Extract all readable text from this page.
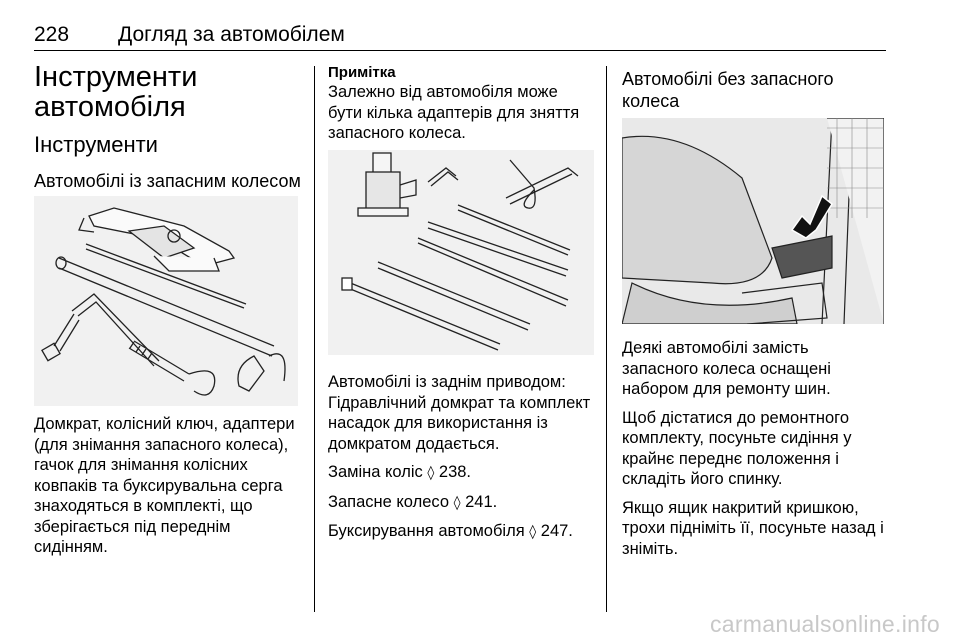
228 Догляд за автомобілем
Інструменти автомобіля
Інструменти
Автомобілі із запасним колесом

Домкрат, колісний ключ, адаптери (для знімання запасного колеса), гачок для знімання колісних ковпаків та буксирувальна серга знаходяться в комплекті, що зберігається під переднім сидінням.

Примітка
Залежно від автомобіля може бути кілька адаптерів для зняття запасного колеса.

Автомобілі із заднім приводом: Гідравлічний домкрат та комплект насадок для використання із домкратом додається.

Заміна коліс ◊ 238.

Запасне колесо ◊ 241.

Буксирування автомобіля ◊ 247.

Автомобілі без запасного колеса

Деякі автомобілі замість запасного колеса оснащені набором для ремонту шин.

Щоб дістатися до ремонтного комплекту, посуньте сидіння у крайнє переднє положення і складіть його спинку.

Якщо ящик накритий кришкою, трохи підніміть її, посуньте назад і зніміть.

carmanualsonline.info
